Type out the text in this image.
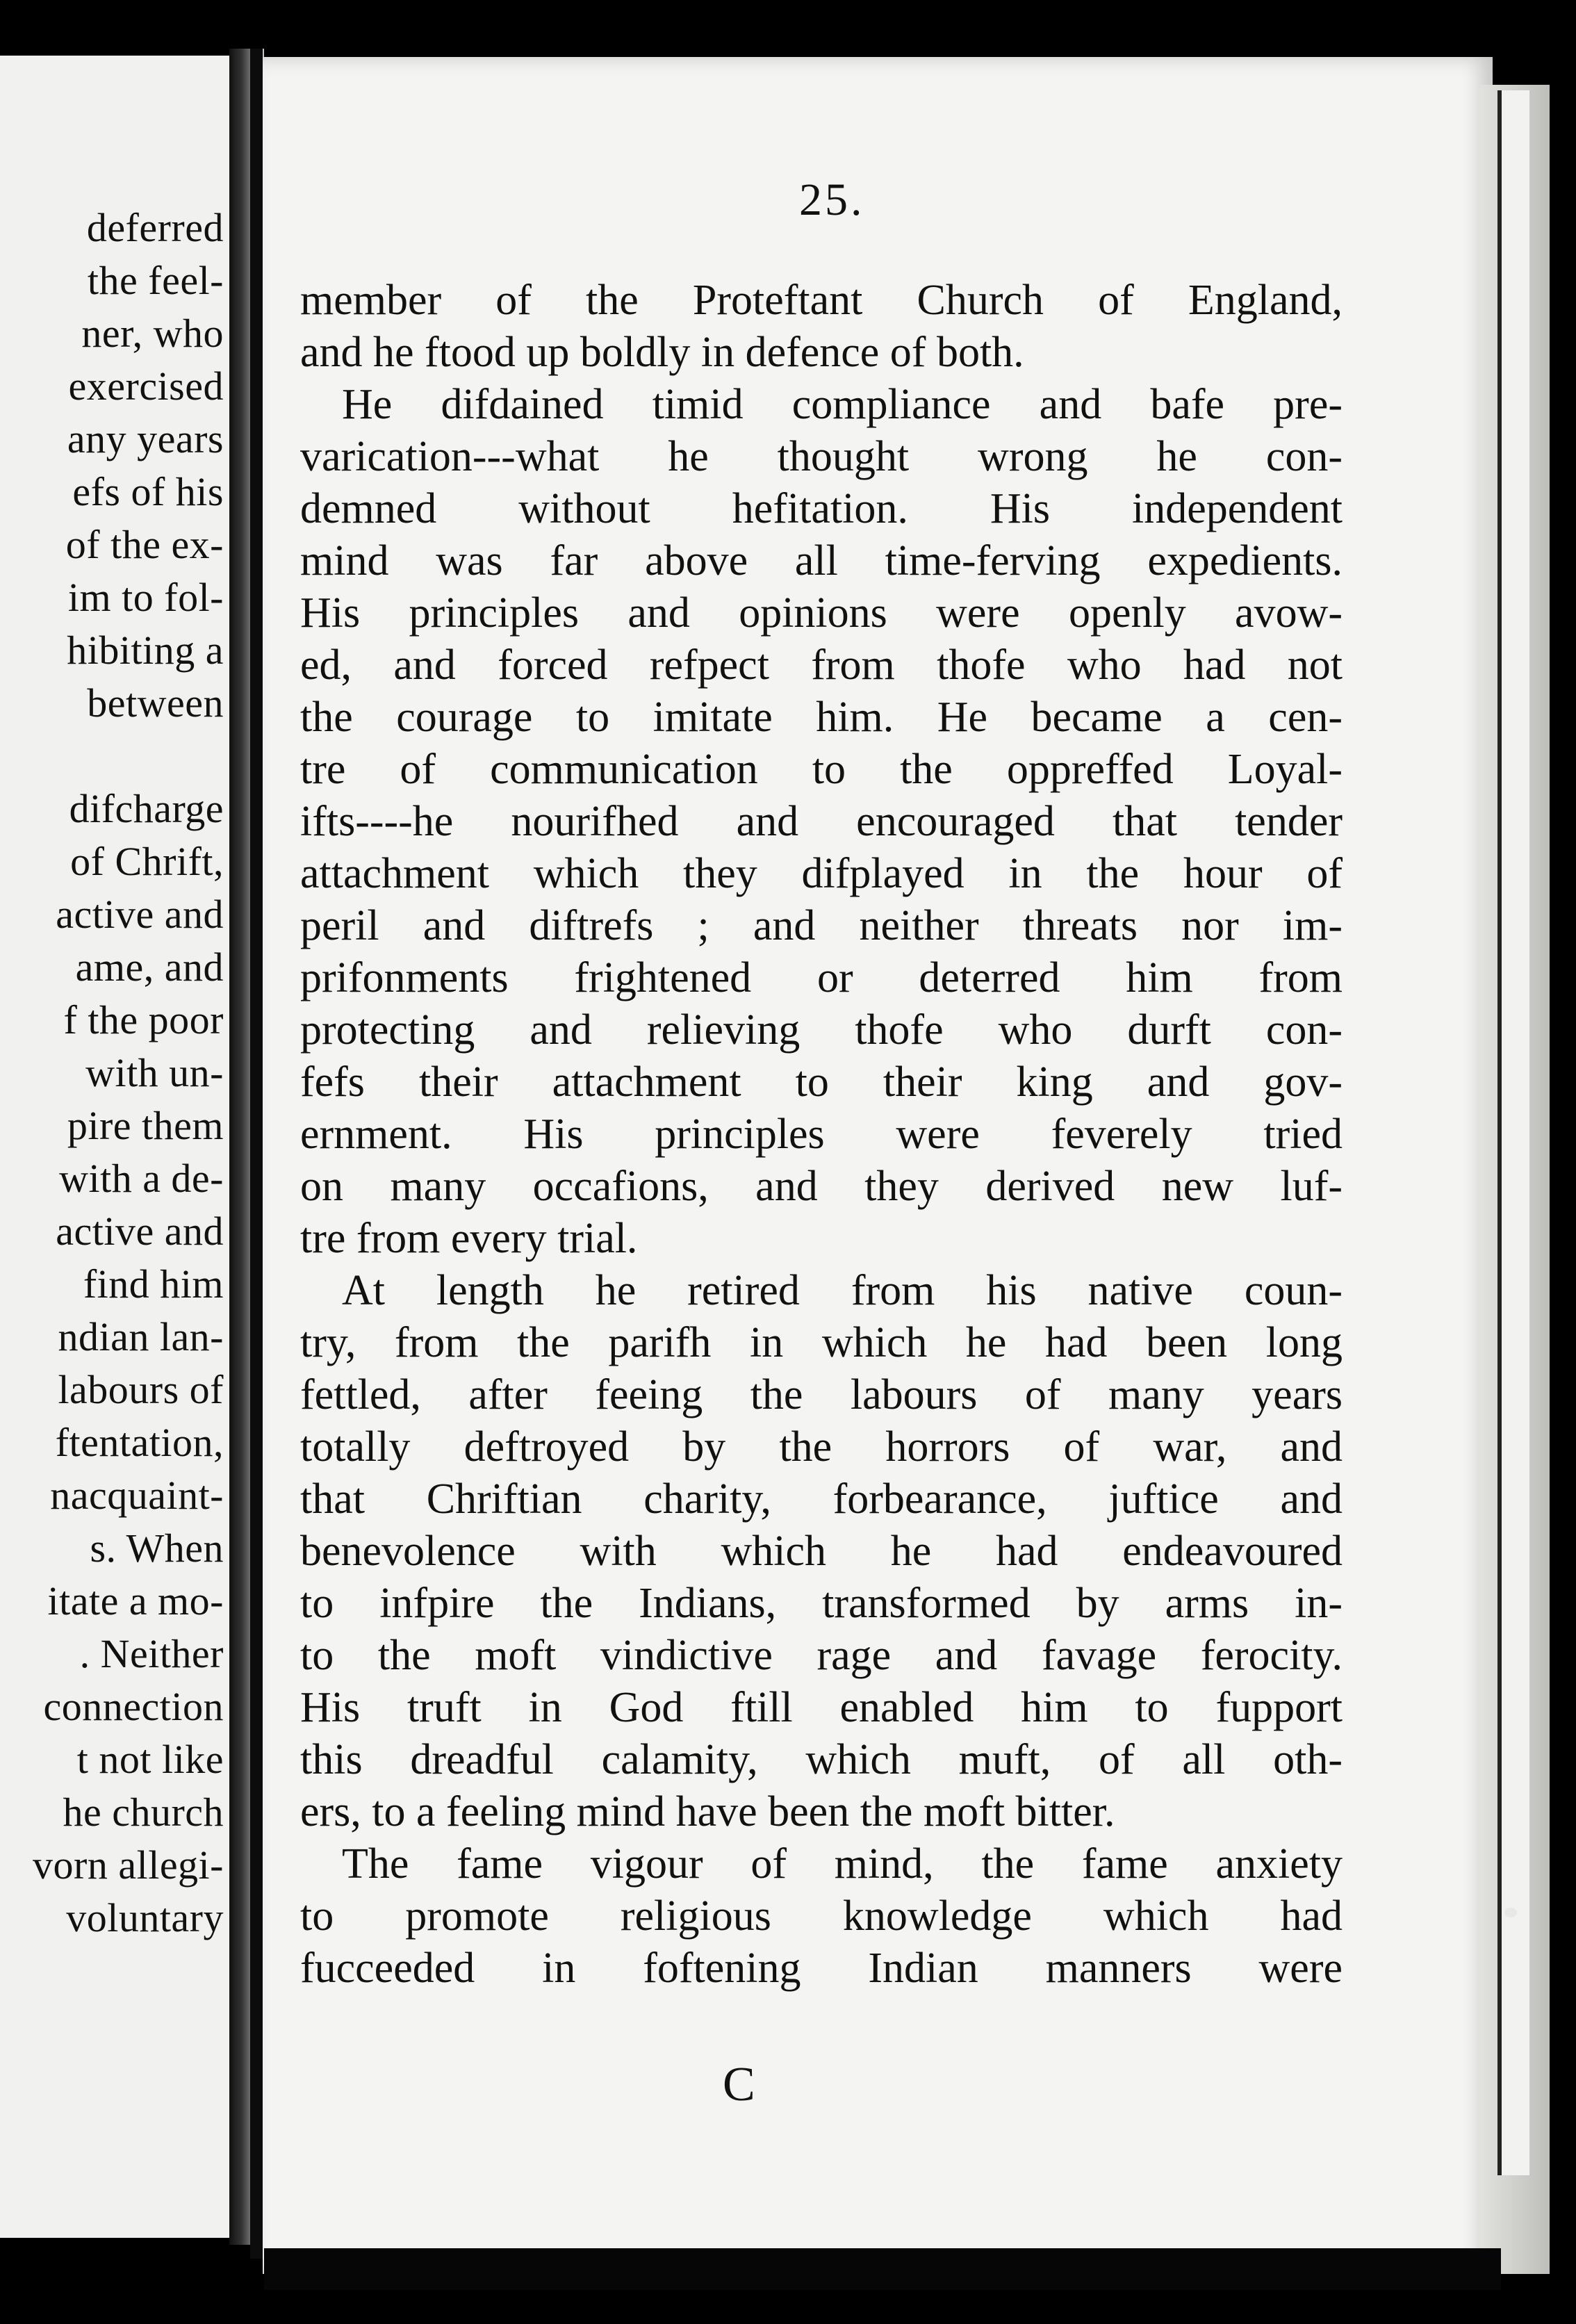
deferred
the feel-
ner, who
exercised
any years
efs of his
of the ex-
im to fol-
hibiting a
between
difcharge
of Chrift,
active and
ame, and
f the poor
with un-
pire them
with a de-
active and
find him
ndian lan-
labours of
ftentation,
nacquaint-
s. When
itate a mo-
. Neither
connection
t not like
he church
vorn allegi-
voluntary
25.
member of the Proteftant Church of England,
and he ftood up boldly in defence of both.
He difdained timid compliance and bafe pre-
varication---what he thought wrong he con-
demned without hefitation. His independent
mind was far above all time-ferving expedients.
His principles and opinions were openly avow-
ed, and forced refpect from thofe who had not
the courage to imitate him. He became a cen-
tre of communication to the oppreffed Loyal-
ifts----he nourifhed and encouraged that tender
attachment which they difplayed in the hour of
peril and diftrefs ; and neither threats nor im-
prifonments frightened or deterred him from
protecting and relieving thofe who durft con-
fefs their attachment to their king and gov-
ernment. His principles were feverely tried
on many occafions, and they derived new luf-
tre from every trial.
At length he retired from his native coun-
try, from the parifh in which he had been long
fettled, after feeing the labours of many years
totally deftroyed by the horrors of war, and
that Chriftian charity, forbearance, juftice and
benevolence with which he had endeavoured
to infpire the Indians, transformed by arms in-
to the moft vindictive rage and favage ferocity.
His truft in God ftill enabled him to fupport
this dreadful calamity, which muft, of all oth-
ers, to a feeling mind have been the moft bitter.
The fame vigour of mind, the fame anxiety
to promote religious knowledge which had
fucceeded in foftening Indian manners were
C
